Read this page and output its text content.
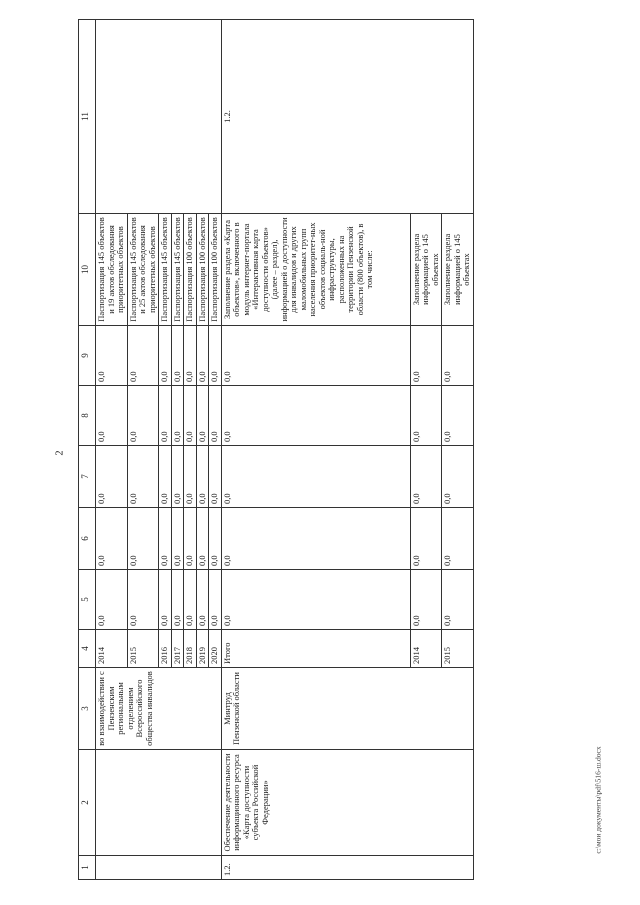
2
c:\мои документы\pdf\516-ш.docx
1	2	3	4	5	6	7	8	9	10	11
		во взаимодействии с Пензенским региональным отделением Всероссийского общества инвалидов	2014	0,0	0,0	0,0	0,0	0,0	Паспортизация 145 объектов и 19 актов обследования приоритетных объектов	
			2015	0,0	0,0	0,0	0,0	0,0	Паспортизация 145 объектов и 25 актов обследования приоритетных объектов	
			2016	0,0	0,0	0,0	0,0	0,0	Паспортизация 145 объектов	
			2017	0,0	0,0	0,0	0,0	0,0	Паспортизация 145 объектов	
			2018	0,0	0,0	0,0	0,0	0,0	Паспортизация 100 объектов	
			2019	0,0	0,0	0,0	0,0	0,0	Паспортизация 100 объектов	
			2020	0,0	0,0	0,0	0,0	0,0	Паспортизация 100 объектов	
1.2.	Обеспечение деятельности информационного ресурса «Карта доступности субъекта Российской Федерации»	Минтруд Пензенской области	Итого	0,0	0,0	0,0	0,0	0,0	Заполнение раздела «Карта объектов», включенного в модуль интернет-портала «Интерактивная карта доступности объектов» (далее – раздел), информацией о доступности для инвалидов и других маломобильных групп населения приоритет-ных объектов социаль-ной инфраструктуры, расположенных на территории Пензенской области (800 объектов), в том числе:	1.2.
			2014	0,0	0,0	0,0	0,0	0,0	Заполнение раздела информацией о 145 объектах	
			2015	0,0	0,0	0,0	0,0	0,0	Заполнение раздела информацией о 145 объектах	
